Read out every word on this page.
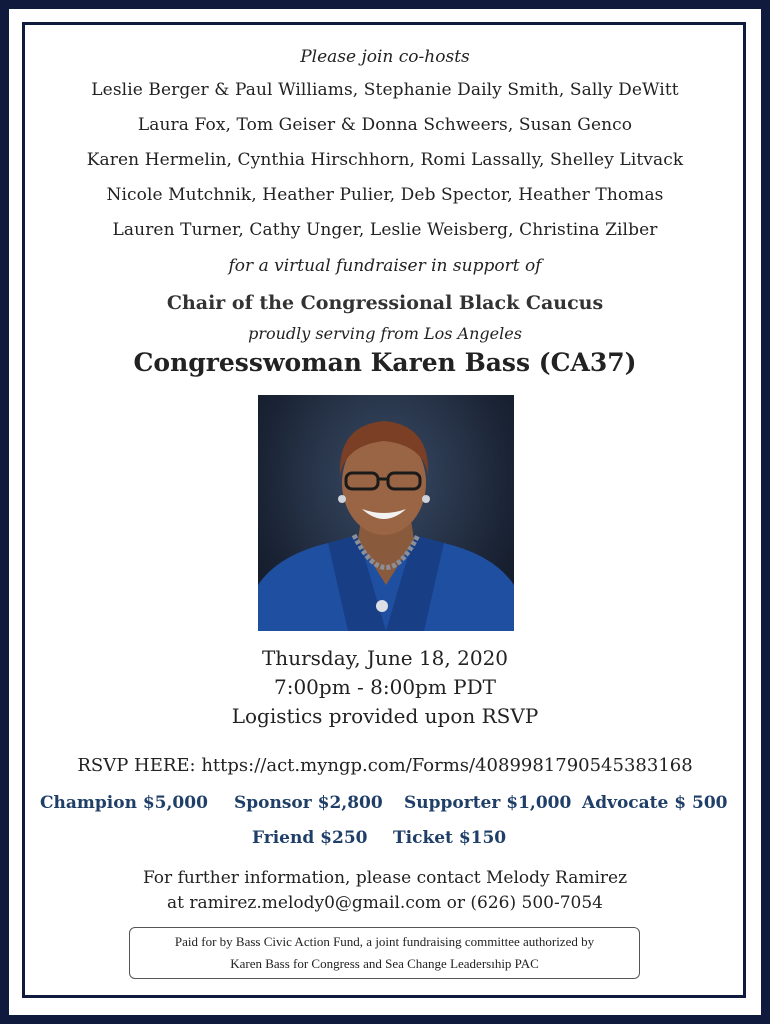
Please join co-hosts
Leslie Berger & Paul Williams, Stephanie Daily Smith, Sally DeWitt
Laura Fox, Tom Geiser & Donna Schweers, Susan Genco
Karen Hermelin, Cynthia Hirschhorn, Romi Lassally, Shelley Litvack
Nicole Mutchnik, Heather Pulier, Deb Spector, Heather Thomas
Lauren Turner, Cathy Unger, Leslie Weisberg, Christina Zilber
for a virtual fundraiser in support of
Chair of the Congressional Black Caucus
proudly serving from Los Angeles
Congresswoman Karen Bass (CA37)
Thursday, June 18, 2020
7:00pm - 8:00pm PDT
Logistics provided upon RSVP
RSVP HERE: https://act.myngp.com/Forms/4089981790545383168
Champion $5,000 Sponsor $2,800 Supporter $1,000 Advocate $ 500
Friend $250 Ticket $150
For further information, please contact Melody Ramirez
at ramirez.melody0@gmail.com or (626) 500-7054
Paid for by Bass Civic Action Fund, a joint fundraising committee authorized by
Karen Bass for Congress and Sea Change Leadersıhip PAC
